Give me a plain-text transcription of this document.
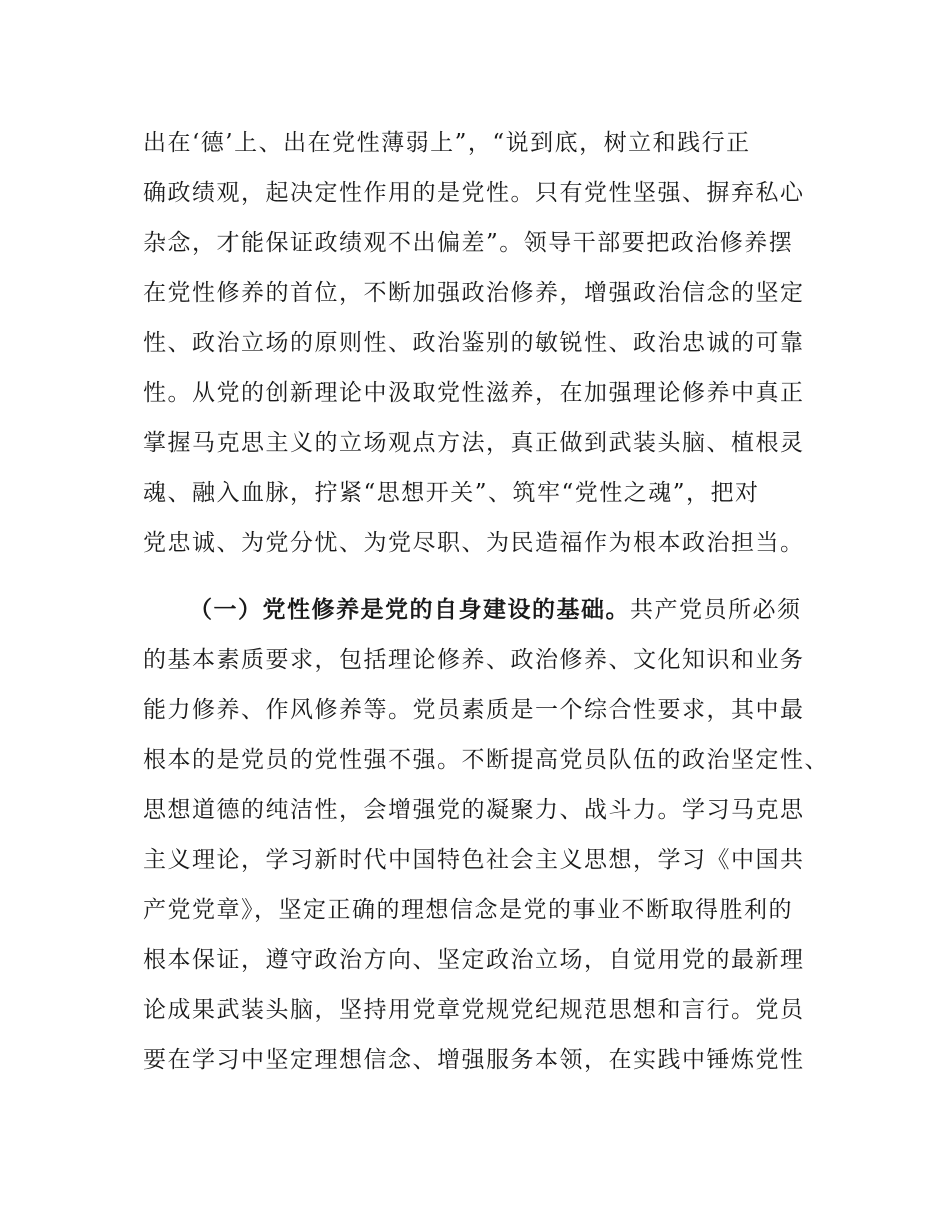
出在‘德’上、出在党性薄弱上”，“说到底，树立和践行正
确政绩观，起决定性作用的是党性。只有党性坚强、摒弃私心
杂念，才能保证政绩观不出偏差”。领导干部要把政治修养摆
在党性修养的首位，不断加强政治修养，增强政治信念的坚定
性、政治立场的原则性、政治鉴别的敏锐性、政治忠诚的可靠
性。从党的创新理论中汲取党性滋养，在加强理论修养中真正
掌握马克思主义的立场观点方法，真正做到武装头脑、植根灵
魂、融入血脉，拧紧“思想开关”、筑牢“党性之魂”，把对
党忠诚、为党分忧、为党尽职、为民造福作为根本政治担当。
（一）党性修养是党的自身建设的基础。共产党员所必须
的基本素质要求，包括理论修养、政治修养、文化知识和业务
能力修养、作风修养等。党员素质是一个综合性要求，其中最
根本的是党员的党性强不强。不断提高党员队伍的政治坚定性、
思想道德的纯洁性，会增强党的凝聚力、战斗力。学习马克思
主义理论，学习新时代中国特色社会主义思想，学习《中国共
产党党章》，坚定正确的理想信念是党的事业不断取得胜利的
根本保证，遵守政治方向、坚定政治立场，自觉用党的最新理
论成果武装头脑，坚持用党章党规党纪规范思想和言行。党员
要在学习中坚定理想信念、增强服务本领，在实践中锤炼党性
